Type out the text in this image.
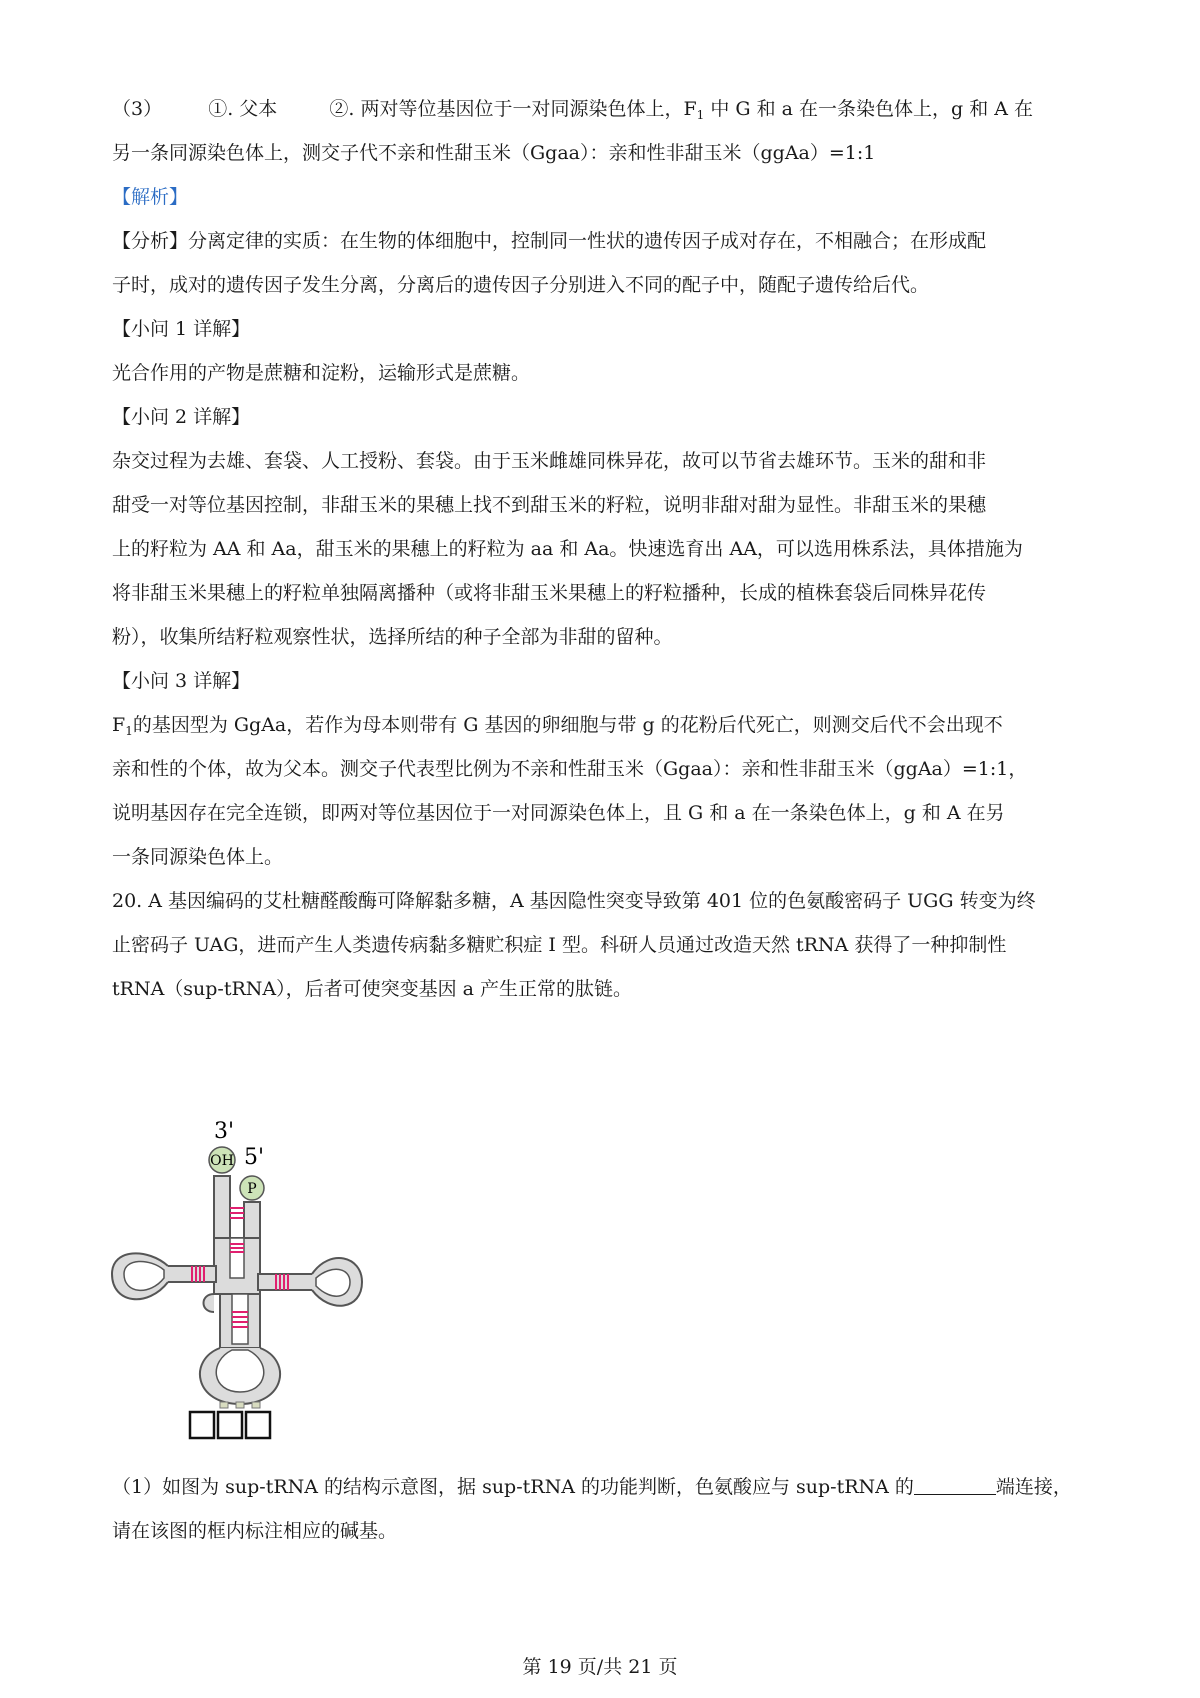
（3） ①. 父本	②. 两对等位基因位于一对同源染色体上，$F_1$ 中 G 和 a 在一条染色体上，g 和 A 在
另一条同源染色体上，测交子代不亲和性甜玉米（Ggaa）：亲和性非甜玉米（ggAa）=1:1
【解析】
【分析】分离定律的实质：在生物的体细胞中，控制同一性状的遗传因子成对存在，不相融合；在形成配
子时，成对的遗传因子发生分离，分离后的遗传因子分别进入不同的配子中，随配子遗传给后代。
【小问 1 详解】
光合作用的产物是蔗糖和淀粉，运输形式是蔗糖。
【小问 2 详解】
杂交过程为去雄、套袋、人工授粉、套袋。由于玉米雌雄同株异花，故可以节省去雄环节。玉米的甜和非
甜受一对等位基因控制，非甜玉米的果穗上找不到甜玉米的籽粒，说明非甜对甜为显性。非甜玉米的果穗
上的籽粒为 AA 和 Aa，甜玉米的果穗上的籽粒为 aa 和 Aa。快速选育出 AA，可以选用株系法，具体措施为
将非甜玉米果穗上的籽粒单独隔离播种（或将非甜玉米果穗上的籽粒播种，长成的植株套袋后同株异花传
粉），收集所结籽粒观察性状，选择所结的种子全部为非甜的留种。
【小问 3 详解】
$F_1$的基因型为 GgAa，若作为母本则带有 G 基因的卵细胞与带 g 的花粉后代死亡，则测交后代不会出现不
亲和性的个体，故为父本。测交子代表型比例为不亲和性甜玉米（Ggaa）：亲和性非甜玉米（ggAa）=1:1，
说明基因存在完全连锁，即两对等位基因位于一对同源染色体上，且 G 和 a 在一条染色体上，g 和 A 在另
一条同源染色体上。
20. A 基因编码的艾杜糖醛酸酶可降解黏多糖，A 基因隐性突变导致第 401 位的色氨酸密码子 UGG 转变为终
止密码子 UAG，进而产生人类遗传病黏多糖贮积症 I 型。科研人员通过改造天然 tRNA 获得了一种抑制性
tRNA（sup-tRNA），后者可使突变基因 a 产生正常的肽链。
OH
3'
P
5'
（1）如图为 sup-tRNA 的结构示意图，据 sup-tRNA 的功能判断，色氨酸应与 sup-tRNA 的	端连接，
请在该图的框内标注相应的碱基。
第 19 页/共 21 页
